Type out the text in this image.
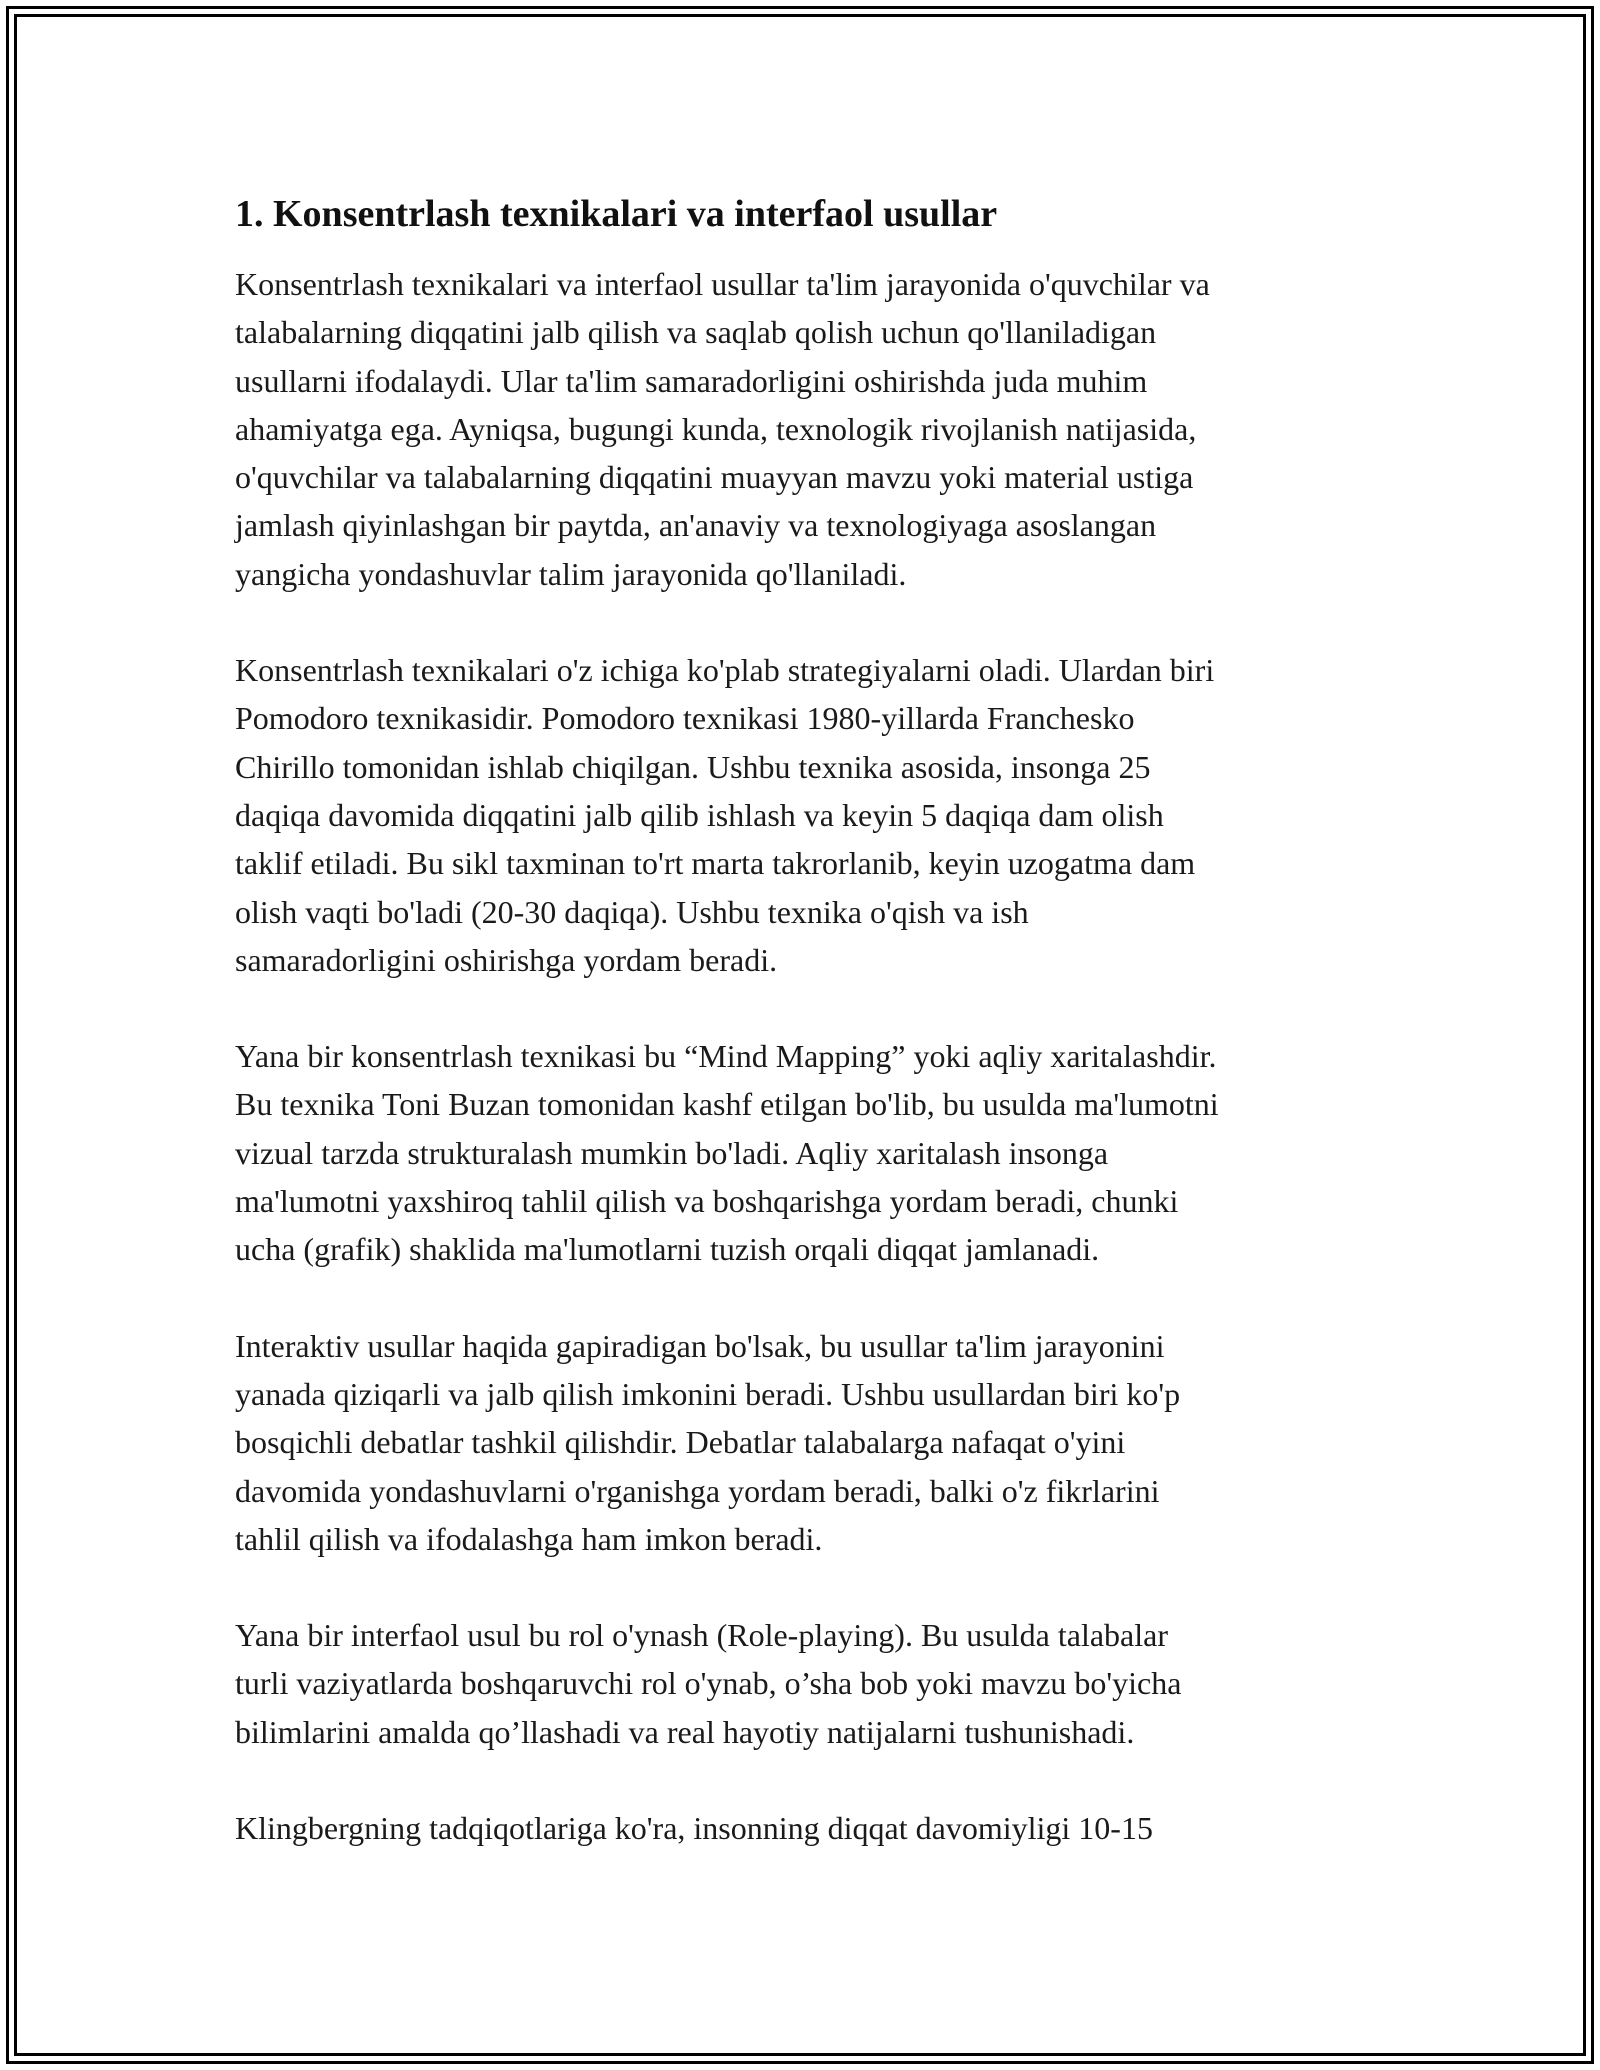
1. Konsentrlash texnikalari va interfaol usullar

Konsentrlash texnikalari va interfaol usullar ta'lim jarayonida o'quvchilar va
talabalarning diqqatini jalb qilish va saqlab qolish uchun qo'llaniladigan
usullarni ifodalaydi. Ular ta'lim samaradorligini oshirishda juda muhim
ahamiyatga ega. Ayniqsa, bugungi kunda, texnologik rivojlanish natijasida,
o'quvchilar va talabalarning diqqatini muayyan mavzu yoki material ustiga
jamlash qiyinlashgan bir paytda, an'anaviy va texnologiyaga asoslangan
yangicha yondashuvlar talim jarayonida qo'llaniladi.

Konsentrlash texnikalari o'z ichiga ko'plab strategiyalarni oladi. Ulardan biri
Pomodoro texnikasidir. Pomodoro texnikasi 1980-yillarda Francheskо
Chirillo tomonidan ishlab chiqilgan. Ushbu texnika asosida, insonga 25
daqiqa davomida diqqatini jalb qilib ishlash va keyin 5 daqiqa dam olish
taklif etiladi. Bu sikl taxminan to'rt marta takrorlanib, keyin uzogatma dam
olish vaqti bo'ladi (20-30 daqiqa). Ushbu texnika o'qish va ish
samaradorligini oshirishga yordam beradi.

Yana bir konsentrlash texnikasi bu “Mind Mapping” yoki aqliy xaritalashdir.
Bu texnika Toni Buzan tomonidan kashf etilgan bo'lib, bu usulda ma'lumotni
vizual tarzda strukturalash mumkin bo'ladi. Aqliy xaritalash insonga
ma'lumotni yaxshiroq tahlil qilish va boshqarishga yordam beradi, chunki
ucha (grafik) shaklida ma'lumotlarni tuzish orqali diqqat jamlanadi.

Interaktiv usullar haqida gapiradigan bo'lsak, bu usullar ta'lim jarayonini
yanada qiziqarli va jalb qilish imkonini beradi. Ushbu usullardan biri ko'p
bosqichli debatlar tashkil qilishdir. Debatlar talabalarga nafaqat o'yini
davomida yondashuvlarni o'rganishga yordam beradi, balki o'z fikrlarini
tahlil qilish va ifodalashga ham imkon beradi.

Yana bir interfaol usul bu rol o'ynash (Role-playing). Bu usulda talabalar
turli vaziyatlarda boshqaruvchi rol o'ynab, o’sha bob yoki mavzu bo'yicha
bilimlarini amalda qo’llashadi va real hayotiy natijalarni tushunishadi.

Klingbergning tadqiqotlariga ko'ra, insonning diqqat davomiyligi 10-15
